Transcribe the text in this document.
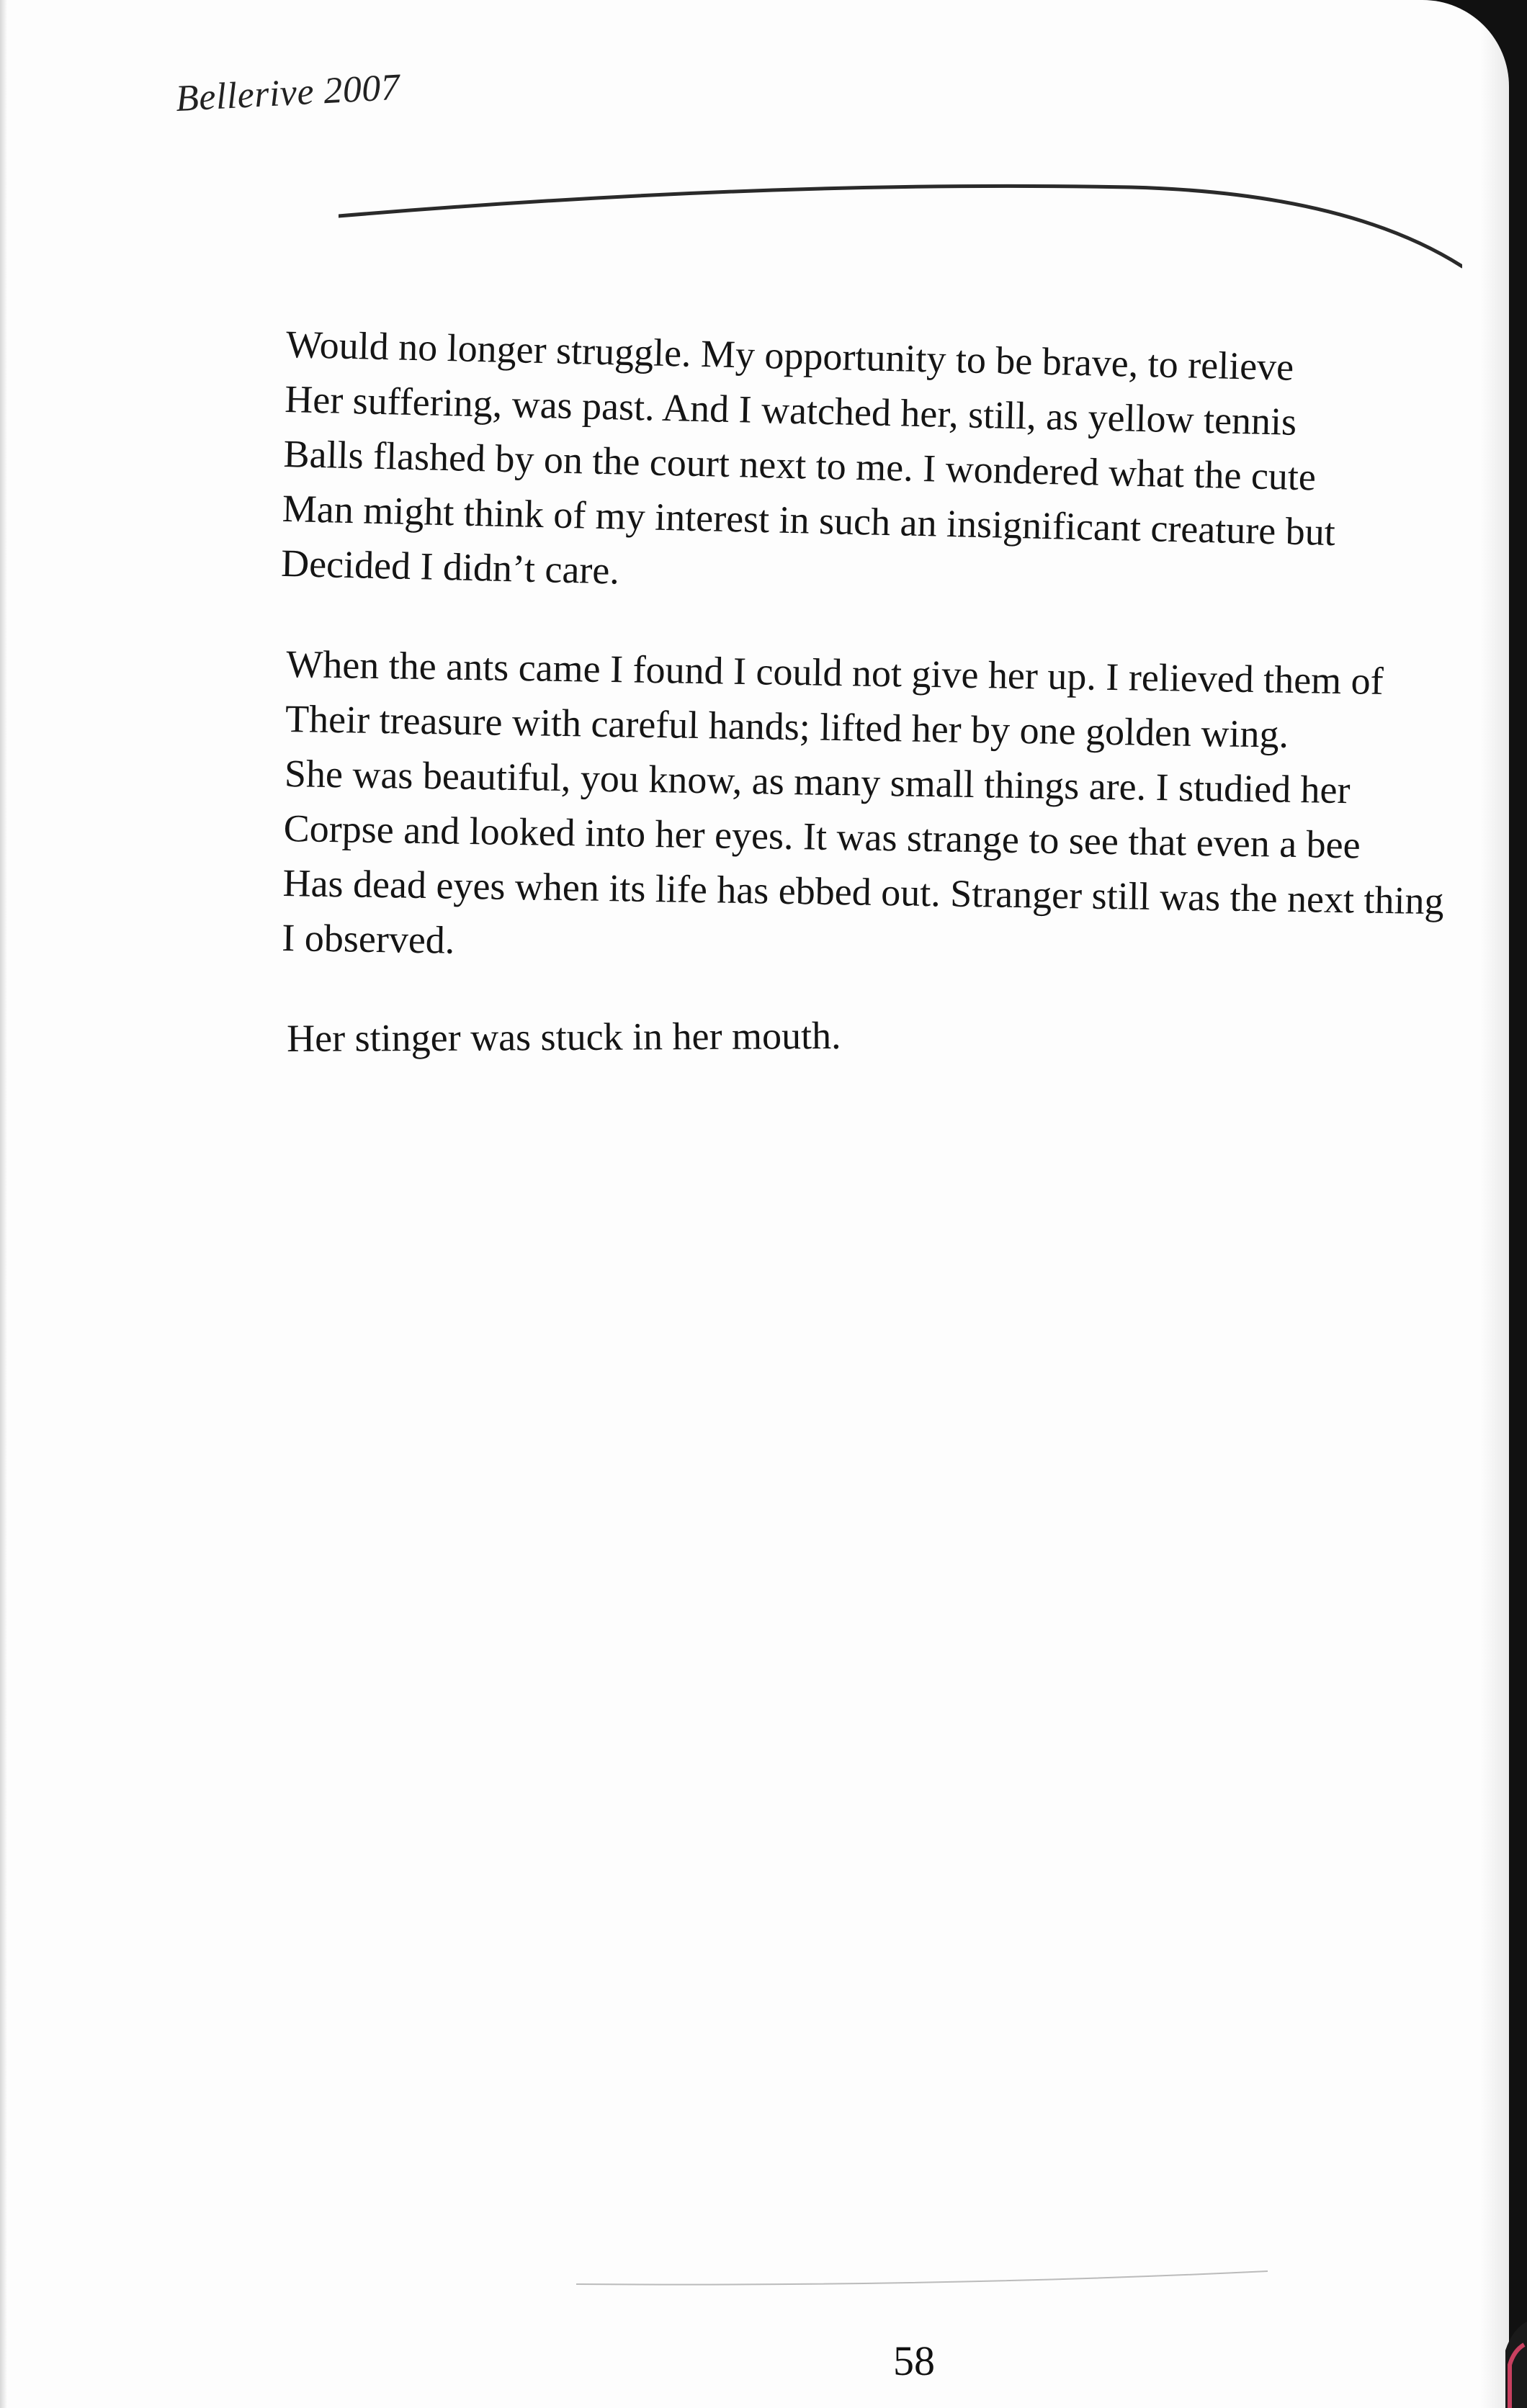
Bellerive 2007

Would no longer struggle. My opportunity to be brave, to relieve
Her suffering, was past. And I watched her, still, as yellow tennis
Balls flashed by on the court next to me. I wondered what the cute
Man might think of my interest in such an insignificant creature but
Decided I didn’t care.

When the ants came I found I could not give her up. I relieved them of
Their treasure with careful hands; lifted her by one golden wing.
She was beautiful, you know, as many small things are. I studied her
Corpse and looked into her eyes. It was strange to see that even a bee
Has dead eyes when its life has ebbed out. Stranger still was the next thing
I observed.

Her stinger was stuck in her mouth.

58
